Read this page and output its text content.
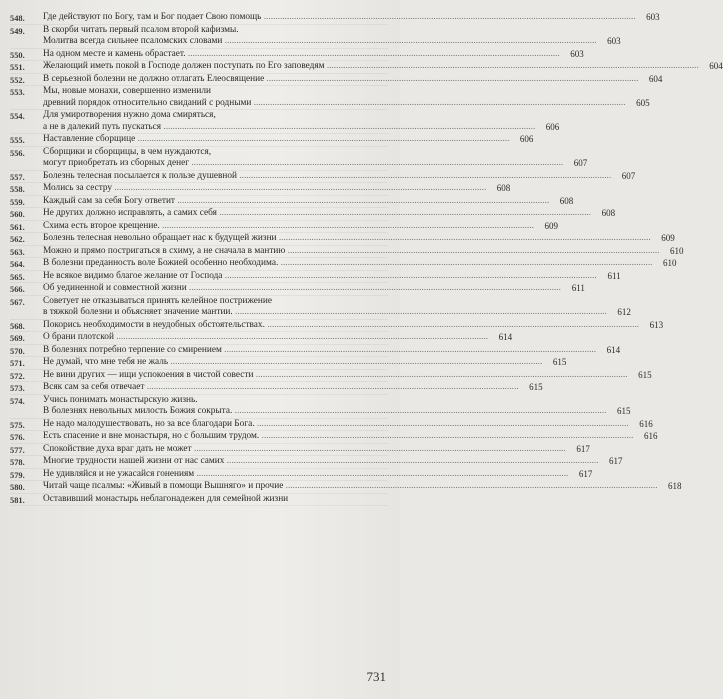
548.	Где действуют по Богу, там и Бог подает Свою помощь ................................................................................................................................................................	603
549.	В скорби читать первый псалом второй кафизмы.
Молитва всегда сильнее псаломских словами ................................................................................................................................................................	603
550.	На одном месте и камень обрастает. ................................................................................................................................................................	603
551.	Желающий иметь покой в Господе должен поступать по Его заповедям ................................................................................................................................................................	604
552.	В серьезной болезни не должно отлагать Елеосвящение ................................................................................................................................................................	604
553.	Мы, новые монахи, совершенно изменили
древний порядок относительно свиданий с родными ................................................................................................................................................................	605
554.	Для умиротворения нужно дома смиряться,
а не в далекий путь пускаться ................................................................................................................................................................	606
555.	Наставление сборщице ................................................................................................................................................................	606
556.	Сборщики и сборщицы, в чем нуждаются,
могут приобретать из сборных денег ................................................................................................................................................................	607
557.	Болезнь телесная посылается к пользе душевной ................................................................................................................................................................	607
558.	Молись за сестру ................................................................................................................................................................	608
559.	Каждый сам за себя Богу ответит ................................................................................................................................................................	608
560.	Не других должно исправлять, а самих себя ................................................................................................................................................................	608
561.	Схима есть второе крещение. ................................................................................................................................................................	609
562.	Болезнь телесная невольно обращает нас к будущей жизни ................................................................................................................................................................	609
563.	Можно и прямо постригаться в схиму, а не сначала в мантию ................................................................................................................................................................	610
564.	В болезни преданность воле Божией особенно необходима. ................................................................................................................................................................	610
565.	Не всякое видимо благое желание от Господа ................................................................................................................................................................	611
566.	Об уединенной и совместной жизни ................................................................................................................................................................	611
567.	Советует не отказываться принять келейное пострижение
в тяжкой болезни и объясняет значение мантии. ................................................................................................................................................................	612
568.	Покорись необходимости в неудобных обстоятельствах. ................................................................................................................................................................	613
569.	О брани плотской ................................................................................................................................................................	614
570.	В болезнях потребно терпение со смирением ................................................................................................................................................................	614
571.	Не думай, что мне тебя не жаль ................................................................................................................................................................	615
572.	Не вини других — ищи успокоения в чистой совести ................................................................................................................................................................	615
573.	Всяк сам за себя отвечает ................................................................................................................................................................	615
574.	Учись понимать монастырскую жизнь.
В болезнях невольных милость Божия сокрыта. ................................................................................................................................................................	615
575.	Не надо малодушествовать, но за все благодари Бога. ................................................................................................................................................................	616
576.	Есть спасение и вне монастыря, но с большим трудом. ................................................................................................................................................................	616
577.	Спокойствие духа враг дать не может ................................................................................................................................................................	617
578.	Многие трудности нашей жизни от нас самих ................................................................................................................................................................	617
579.	Не удивляйся и не ужасайся гонениям ................................................................................................................................................................	617
580.	Читай чаще псалмы: «Живый в помощи Вышняго» и прочие ................................................................................................................................................................	618
581.	Оставивший монастырь неблагонадежен для семейной жизни
731
